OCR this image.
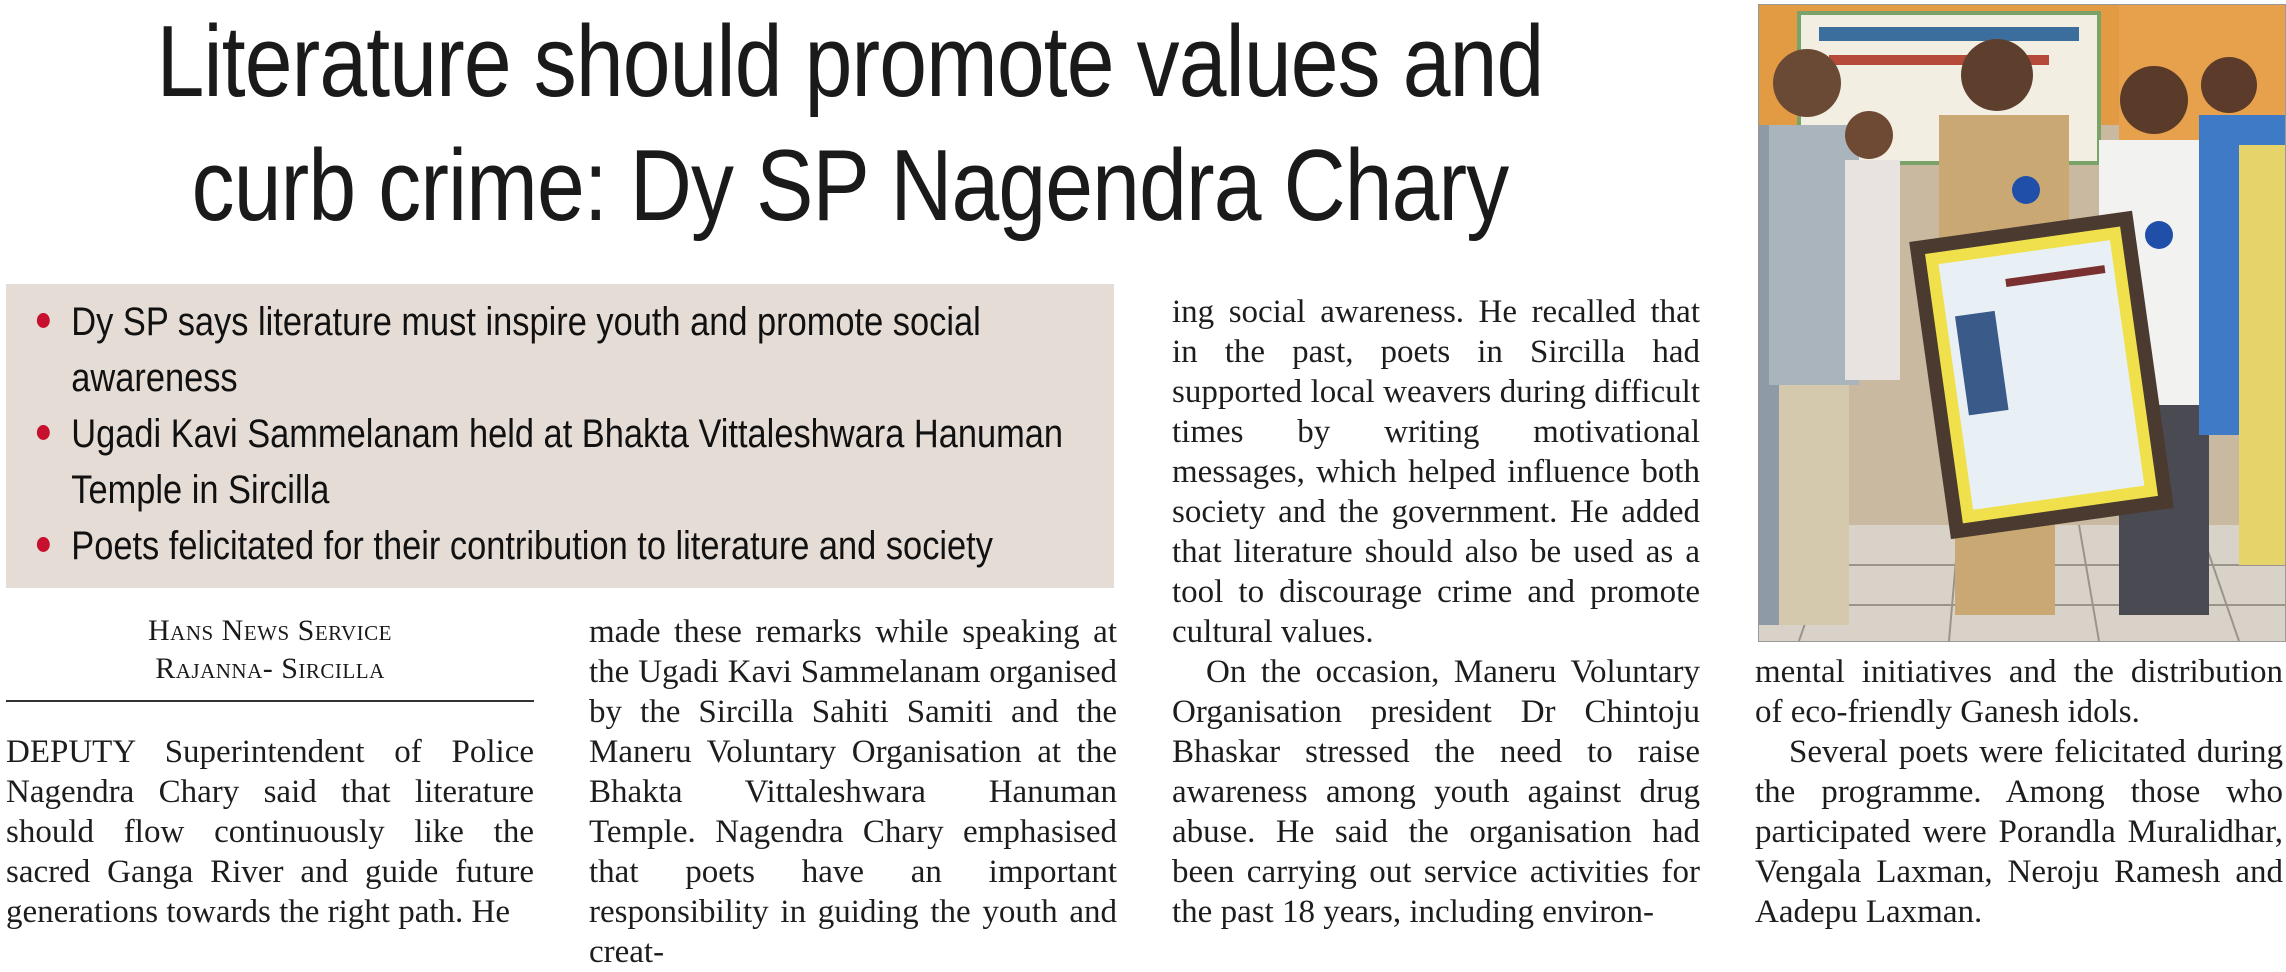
Literature should promote values and
curb crime: Dy SP Nagendra Chary
Dy SP says literature must inspire youth and promote social awareness
Ugadi Kavi Sammelanam held at Bhakta Vittaleshwara Hanuman Temple in Sircilla
Poets felicitated for their contribution to literature and society
Hans News Service
Rajanna- Sircilla

DEPUTY Superintendent of Police Nagendra Chary said that literature should flow continuously like the sacred Ganga River and guide future generations towards the right path. He

made these remarks while speaking at the Ugadi Kavi Sammelanam organised by the Sircilla Sahiti Samiti and the Maneru Voluntary Organisation at the Bhakta Vittaleshwara Hanuman Temple. Nagendra Chary emphasised that poets have an important responsibility in guiding the youth and creat-

ing social awareness. He recalled that in the past, poets in Sircilla had supported local weavers during difficult times by writing motivational messages, which helped influence both society and the government. He added that literature should also be used as a tool to discourage crime and promote cultural values.

On the occasion, Maneru Voluntary Organisation president Dr Chintoju Bhaskar stressed the need to raise awareness among youth against drug abuse. He said the organisation had been carrying out service activities for the past 18 years, including environ-

mental initiatives and the distribution of eco-friendly Ganesh idols.

Several poets were felicitated during the programme. Among those who participated were Porandla Muralidhar, Vengala Laxman, Neroju Ramesh and Aadepu Laxman.
